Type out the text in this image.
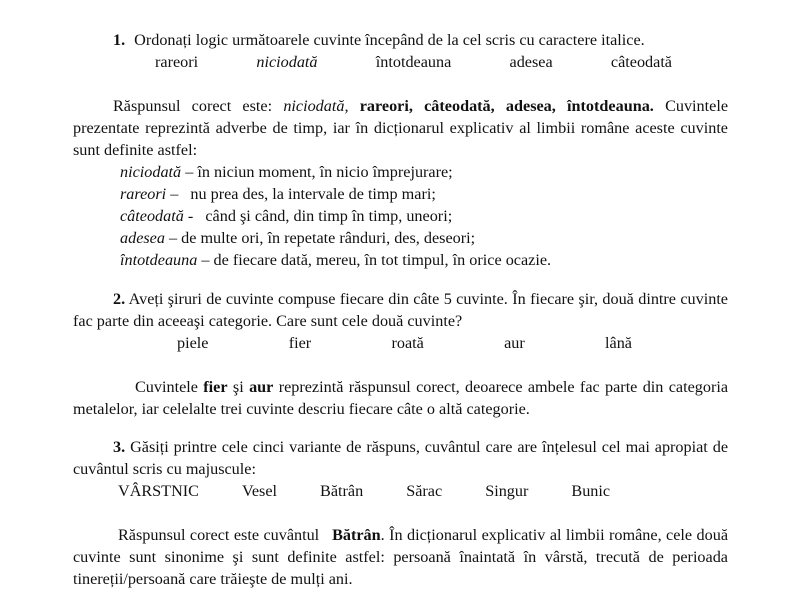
1. Ordonați logic următoarele cuvinte începând de la cel scris cu caractere italice.
rareori	niciodată	întotdeauna	adesea	câteodată
Răspunsul corect este: niciodată, rareori, câteodată, adesea, întotdeauna. Cuvintele prezentate reprezintă adverbe de timp, iar în dicționarul explicativ al limbii române aceste cuvinte sunt definite astfel:
niciodată – în niciun moment, în nicio împrejurare;
rareori – nu prea des, la intervale de timp mari;
câteodată - când şi când, din timp în timp, uneori;
adesea – de multe ori, în repetate rânduri, des, deseori;
întotdeauna – de fiecare dată, mereu, în tot timpul, în orice ocazie.
2. Aveți şiruri de cuvinte compuse fiecare din câte 5 cuvinte. În fiecare şir, două dintre cuvinte fac parte din aceeaşi categorie. Care sunt cele două cuvinte?
piele	fier	roată	aur	lână
Cuvintele fier şi aur reprezintă răspunsul corect, deoarece ambele fac parte din categoria metalelor, iar celelalte trei cuvinte descriu fiecare câte o altă categorie.
3. Găsiți printre cele cinci variante de răspuns, cuvântul care are înțelesul cel mai apropiat de cuvântul scris cu majuscule:
VÂRSTNIC	Vesel	Bătrân	Sărac	Singur	Bunic
Răspunsul corect este cuvântul Bătrân. În dicționarul explicativ al limbii române, cele două cuvinte sunt sinonime şi sunt definite astfel: persoană înaintată în vârstă, trecută de perioada tinereții/persoană care trăieşte de mulți ani.
